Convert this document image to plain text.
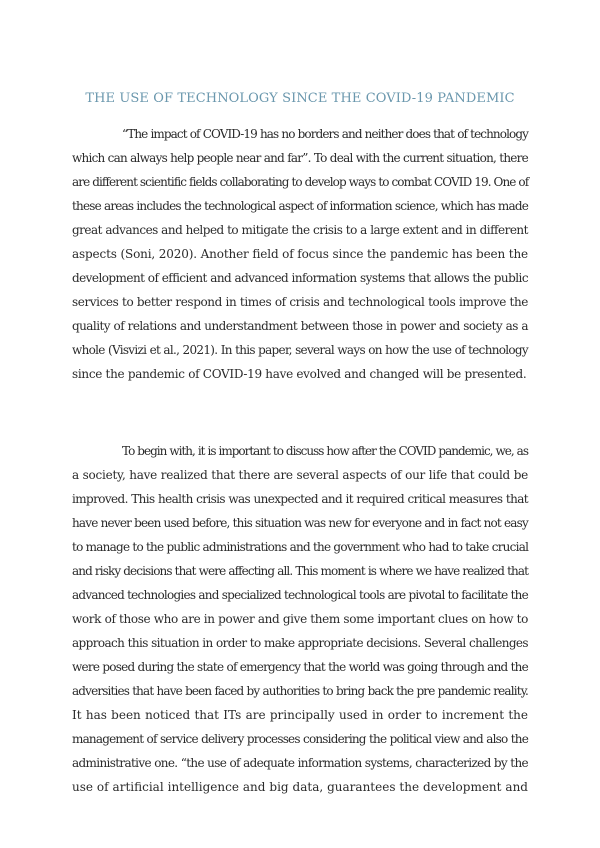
THE USE OF TECHNOLOGY SINCE THE COVID-19 PANDEMIC
“The impact of COVID-19 has no borders and neither does that of technology
which can always help people near and far”. To deal with the current situation, there
are different scientific fields collaborating to develop ways to combat COVID 19. One of
these areas includes the technological aspect of information science, which has made
great advances and helped to mitigate the crisis to a large extent and in different
aspects (Soni, 2020). Another field of focus since the pandemic has been the
development of efficient and advanced information systems that allows the public
services to better respond in times of crisis and technological tools improve the
quality of relations and understandment between those in power and society as a
whole (Visvizi et al., 2021). In this paper, several ways on how the use of technology
since the pandemic of COVID-19 have evolved and changed will be presented.
To begin with, it is important to discuss how after the COVID pandemic, we, as
a society, have realized that there are several aspects of our life that could be
improved. This health crisis was unexpected and it required critical measures that
have never been used before, this situation was new for everyone and in fact not easy
to manage to the public administrations and the government who had to take crucial
and risky decisions that were affecting all. This moment is where we have realized that
advanced technologies and specialized technological tools are pivotal to facilitate the
work of those who are in power and give them some important clues on how to
approach this situation in order to make appropriate decisions. Several challenges
were posed during the state of emergency that the world was going through and the
adversities that have been faced by authorities to bring back the pre pandemic reality.
It has been noticed that ITs are principally used in order to increment the
management of service delivery processes considering the political view and also the
administrative one. “the use of adequate information systems, characterized by the
use of artificial intelligence and big data, guarantees the development and
